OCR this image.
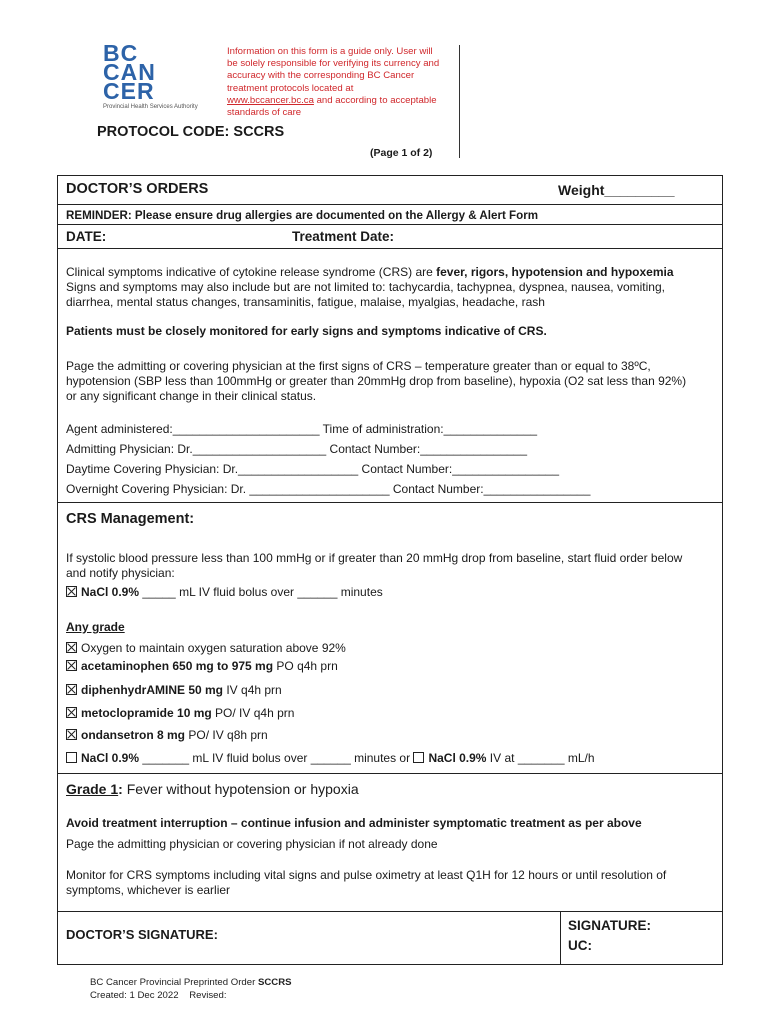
BC
CAN
CER
Provincial Health Services Authority
Information on this form is a guide only. User will be solely responsible for verifying its currency and accuracy with the corresponding BC Cancer treatment protocols located at www.bccancer.bc.ca and according to acceptable standards of care
PROTOCOL CODE: SCCRS
(Page 1 of 2)
DOCTOR’S ORDERS	Weight_________
REMINDER: Please ensure drug allergies are documented on the Allergy & Alert Form
DATE:	Treatment Date:
Clinical symptoms indicative of cytokine release syndrome (CRS) are fever, rigors, hypotension and hypoxemia
Signs and symptoms may also include but are not limited to: tachycardia, tachypnea, dyspnea, nausea, vomiting,
diarrhea, mental status changes, transaminitis, fatigue, malaise, myalgias, headache, rash
Patients must be closely monitored for early signs and symptoms indicative of CRS.
Page the admitting or covering physician at the first signs of CRS – temperature greater than or equal to 38ºC,
hypotension (SBP less than 100mmHg or greater than 20mmHg drop from baseline), hypoxia (O2 sat less than 92%)
or any significant change in their clinical status.
Agent administered:______________________ Time of administration:______________
Admitting Physician: Dr.____________________ Contact Number:________________
Daytime Covering Physician: Dr.__________________ Contact Number:________________
Overnight Covering Physician: Dr. _____________________ Contact Number:________________
CRS Management:
If systolic blood pressure less than 100 mmHg or if greater than 20 mmHg drop from baseline, start fluid order below
and notify physician:
NaCl 0.9% _____ mL IV fluid bolus over ______ minutes
Any grade
Oxygen to maintain oxygen saturation above 92%
acetaminophen 650 mg to 975 mg PO q4h prn
diphenhydrAMINE 50 mg IV q4h prn
metoclopramide 10 mg PO/ IV q4h prn
ondansetron 8 mg PO/ IV q8h prn
NaCl 0.9% _______ mL IV fluid bolus over ______ minutes or NaCl 0.9% IV at _______ mL/h
Grade 1: Fever without hypotension or hypoxia
Avoid treatment interruption – continue infusion and administer symptomatic treatment as per above
Page the admitting physician or covering physician if not already done
Monitor for CRS symptoms including vital signs and pulse oximetry at least Q1H for 12 hours or until resolution of
symptoms, whichever is earlier
DOCTOR’S SIGNATURE:
SIGNATURE:
UC:
BC Cancer Provincial Preprinted Order SCCRS
Created: 1 Dec 2022    Revised:
